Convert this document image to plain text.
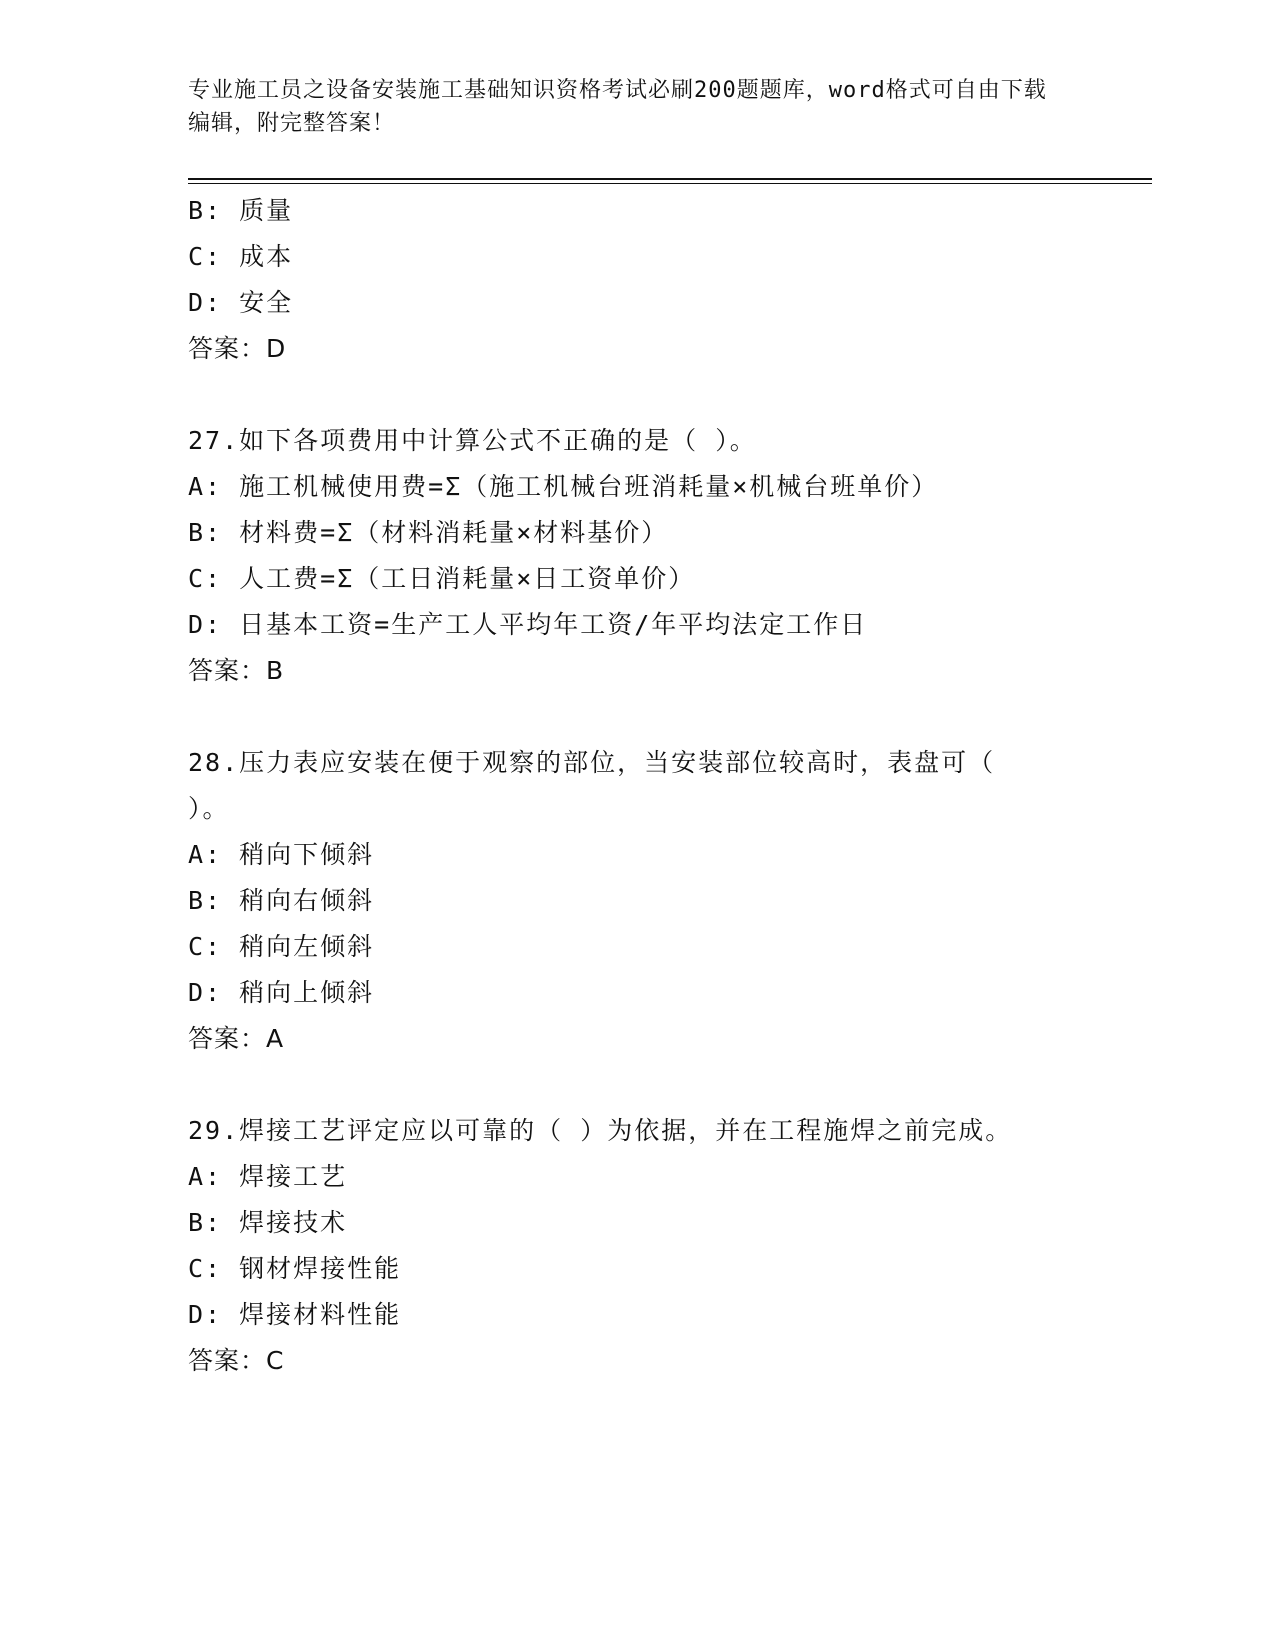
专业施工员之设备安装施工基础知识资格考试必刷200题题库，word格式可自由下载编辑，附完整答案！
B: 质量
C: 成本
D: 安全
答案：D
27.如下各项费用中计算公式不正确的是（ ）。
A: 施工机械使用费=Σ（施工机械台班消耗量×机械台班单价）
B: 材料费=Σ（材料消耗量×材料基价）
C: 人工费=Σ（工日消耗量×日工资单价）
D: 日基本工资=生产工人平均年工资/年平均法定工作日
答案：B
28.压力表应安装在便于观察的部位，当安装部位较高时，表盘可（ ）。
A: 稍向下倾斜
B: 稍向右倾斜
C: 稍向左倾斜
D: 稍向上倾斜
答案：A
29.焊接工艺评定应以可靠的（ ）为依据，并在工程施焊之前完成。
A: 焊接工艺
B: 焊接技术
C: 钢材焊接性能
D: 焊接材料性能
答案：C
